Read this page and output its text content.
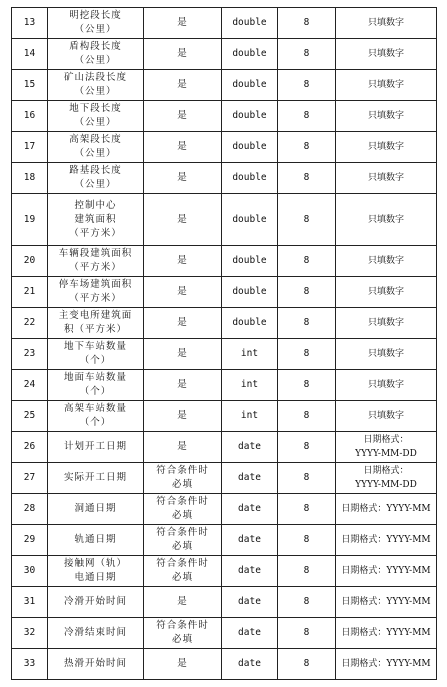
13	明挖段长度
（公里）	是	double	8	只填数字

14	盾构段长度
（公里）	是	double	8	只填数字

15	矿山法段长度
（公里）	是	double	8	只填数字

16	地下段长度
（公里）	是	double	8	只填数字

17	高架段长度
（公里）	是	double	8	只填数字

18	路基段长度
（公里）	是	double	8	只填数字

19	控制中心
建筑面积
（平方米）	是	double	8	只填数字

20	车辆段建筑面积
（平方米）	是	double	8	只填数字

21	停车场建筑面积
（平方米）	是	double	8	只填数字

22	主变电所建筑面
积（平方米）	是	double	8	只填数字

23	地下车站数量
（个）	是	int	8	只填数字

24	地面车站数量
（个）	是	int	8	只填数字

25	高架车站数量
（个）	是	int	8	只填数字

26	计划开工日期	是	date	8	日期格式：
YYYY-MM-DD

27	实际开工日期	符合条件时
必填	date	8	日期格式：
YYYY-MM-DD

28	洞通日期	符合条件时
必填	date	8	日期格式：YYYY-MM

29	轨通日期	符合条件时
必填	date	8	日期格式：YYYY-MM

30	接触网（轨）
电通日期	符合条件时
必填	date	8	日期格式：YYYY-MM

31	冷滑开始时间	是	date	8	日期格式：YYYY-MM

32	冷滑结束时间	符合条件时
必填	date	8	日期格式：YYYY-MM

33	热滑开始时间	是	date	8	日期格式：YYYY-MM
